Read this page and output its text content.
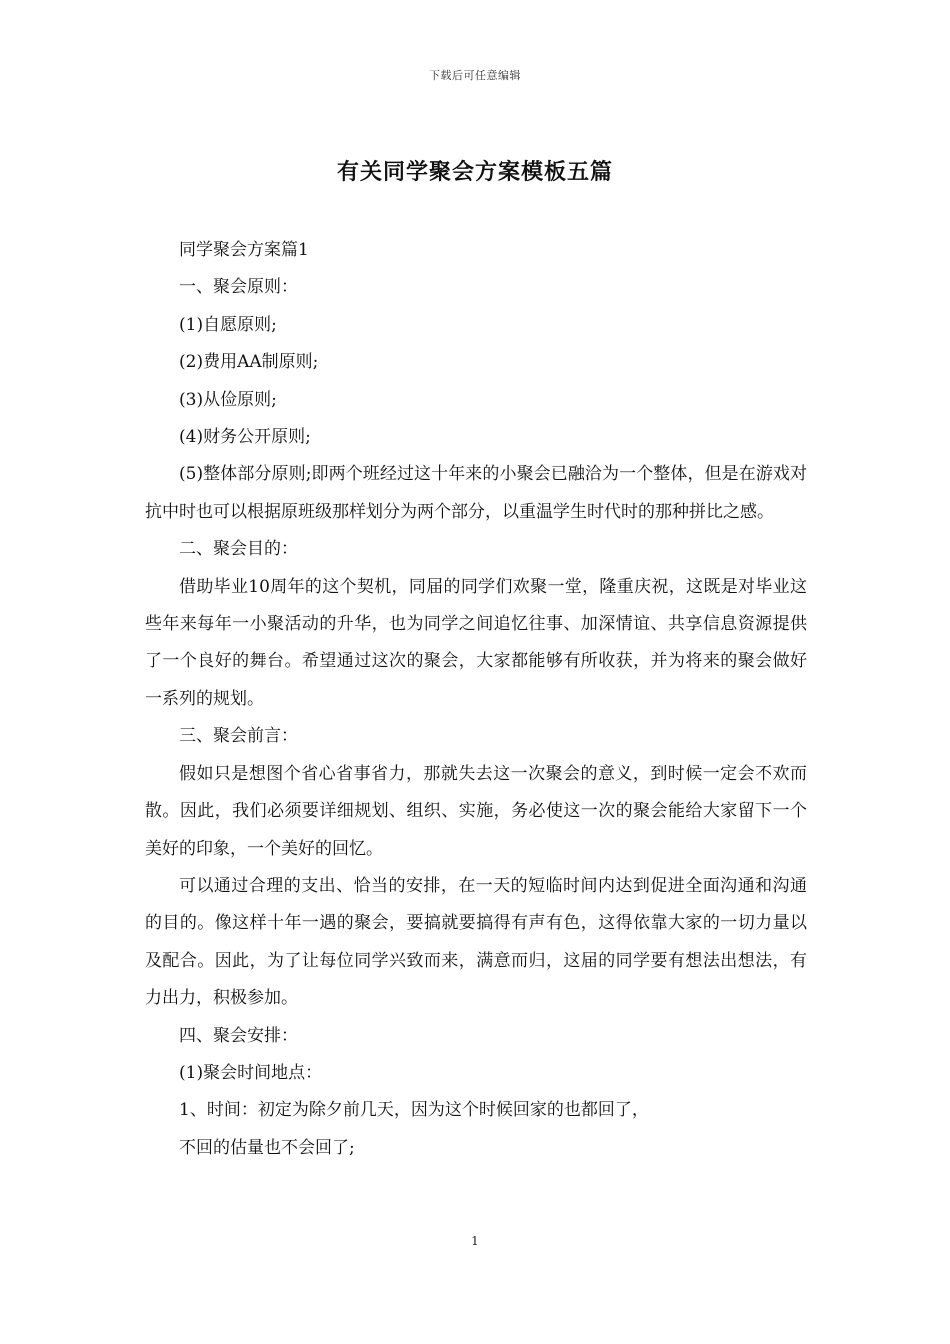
下载后可任意编辑
有关同学聚会方案模板五篇

同学聚会方案篇1

一、聚会原则：

(1)自愿原则;

(2)费用AA制原则;

(3)从俭原则;

(4)财务公开原则;

(5)整体部分原则;即两个班经过这十年来的小聚会已融洽为一个整体，但是在游戏对抗中时也可以根据原班级那样划分为两个部分，以重温学生时代时的那种拼比之感。

二、聚会目的：

借助毕业10周年的这个契机，同届的同学们欢聚一堂，隆重庆祝，这既是对毕业这些年来每年一小聚活动的升华，也为同学之间追忆往事、加深情谊、共享信息资源提供了一个良好的舞台。希望通过这次的聚会，大家都能够有所收获，并为将来的聚会做好一系列的规划。

三、聚会前言：

假如只是想图个省心省事省力，那就失去这一次聚会的意义，到时候一定会不欢而散。因此，我们必须要详细规划、组织、实施，务必使这一次的聚会能给大家留下一个美好的印象，一个美好的回忆。

可以通过合理的支出、恰当的安排，在一天的短临时间内达到促进全面沟通和沟通的目的。像这样十年一遇的聚会，要搞就要搞得有声有色，这得依靠大家的一切力量以及配合。因此，为了让每位同学兴致而来，满意而归，这届的同学要有想法出想法，有力出力，积极参加。

四、聚会安排：

(1)聚会时间地点：

1、时间：初定为除夕前几天，因为这个时候回家的也都回了，

不回的估量也不会回了;

1
